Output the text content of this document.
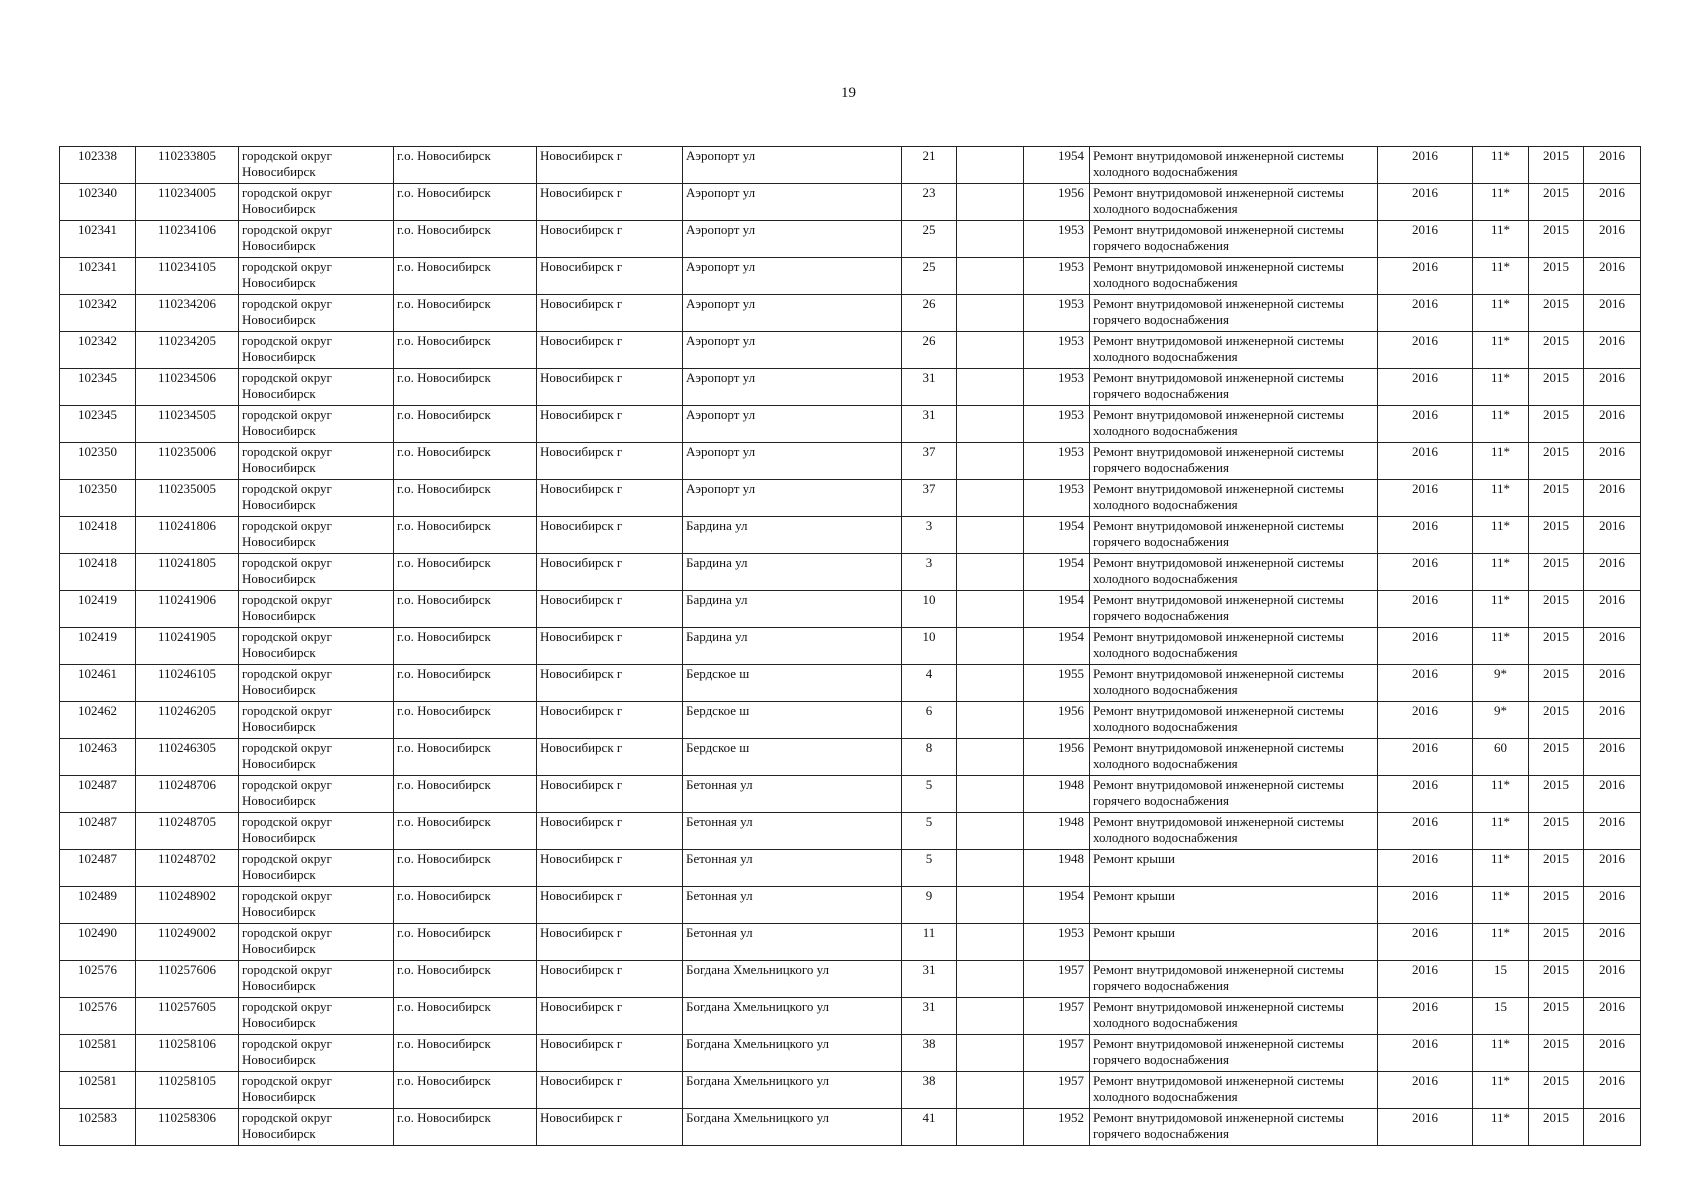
19
102338	110233805	городской округ Новосибирск	г.о. Новосибирск	Новосибирск г	Аэропорт ул	21		1954	Ремонт внутридомовой инженерной системы холодного водоснабжения	2016	11*	2015	2016
102340	110234005	городской округ Новосибирск	г.о. Новосибирск	Новосибирск г	Аэропорт ул	23		1956	Ремонт внутридомовой инженерной системы холодного водоснабжения	2016	11*	2015	2016
102341	110234106	городской округ Новосибирск	г.о. Новосибирск	Новосибирск г	Аэропорт ул	25		1953	Ремонт внутридомовой инженерной системы горячего водоснабжения	2016	11*	2015	2016
102341	110234105	городской округ Новосибирск	г.о. Новосибирск	Новосибирск г	Аэропорт ул	25		1953	Ремонт внутридомовой инженерной системы холодного водоснабжения	2016	11*	2015	2016
102342	110234206	городской округ Новосибирск	г.о. Новосибирск	Новосибирск г	Аэропорт ул	26		1953	Ремонт внутридомовой инженерной системы горячего водоснабжения	2016	11*	2015	2016
102342	110234205	городской округ Новосибирск	г.о. Новосибирск	Новосибирск г	Аэропорт ул	26		1953	Ремонт внутридомовой инженерной системы холодного водоснабжения	2016	11*	2015	2016
102345	110234506	городской округ Новосибирск	г.о. Новосибирск	Новосибирск г	Аэропорт ул	31		1953	Ремонт внутридомовой инженерной системы горячего водоснабжения	2016	11*	2015	2016
102345	110234505	городской округ Новосибирск	г.о. Новосибирск	Новосибирск г	Аэропорт ул	31		1953	Ремонт внутридомовой инженерной системы холодного водоснабжения	2016	11*	2015	2016
102350	110235006	городской округ Новосибирск	г.о. Новосибирск	Новосибирск г	Аэропорт ул	37		1953	Ремонт внутридомовой инженерной системы горячего водоснабжения	2016	11*	2015	2016
102350	110235005	городской округ Новосибирск	г.о. Новосибирск	Новосибирск г	Аэропорт ул	37		1953	Ремонт внутридомовой инженерной системы холодного водоснабжения	2016	11*	2015	2016
102418	110241806	городской округ Новосибирск	г.о. Новосибирск	Новосибирск г	Бардина ул	3		1954	Ремонт внутридомовой инженерной системы горячего водоснабжения	2016	11*	2015	2016
102418	110241805	городской округ Новосибирск	г.о. Новосибирск	Новосибирск г	Бардина ул	3		1954	Ремонт внутридомовой инженерной системы холодного водоснабжения	2016	11*	2015	2016
102419	110241906	городской округ Новосибирск	г.о. Новосибирск	Новосибирск г	Бардина ул	10		1954	Ремонт внутридомовой инженерной системы горячего водоснабжения	2016	11*	2015	2016
102419	110241905	городской округ Новосибирск	г.о. Новосибирск	Новосибирск г	Бардина ул	10		1954	Ремонт внутридомовой инженерной системы холодного водоснабжения	2016	11*	2015	2016
102461	110246105	городской округ Новосибирск	г.о. Новосибирск	Новосибирск г	Бердское ш	4		1955	Ремонт внутридомовой инженерной системы холодного водоснабжения	2016	9*	2015	2016
102462	110246205	городской округ Новосибирск	г.о. Новосибирск	Новосибирск г	Бердское ш	6		1956	Ремонт внутридомовой инженерной системы холодного водоснабжения	2016	9*	2015	2016
102463	110246305	городской округ Новосибирск	г.о. Новосибирск	Новосибирск г	Бердское ш	8		1956	Ремонт внутридомовой инженерной системы холодного водоснабжения	2016	60	2015	2016
102487	110248706	городской округ Новосибирск	г.о. Новосибирск	Новосибирск г	Бетонная ул	5		1948	Ремонт внутридомовой инженерной системы горячего водоснабжения	2016	11*	2015	2016
102487	110248705	городской округ Новосибирск	г.о. Новосибирск	Новосибирск г	Бетонная ул	5		1948	Ремонт внутридомовой инженерной системы холодного водоснабжения	2016	11*	2015	2016
102487	110248702	городской округ Новосибирск	г.о. Новосибирск	Новосибирск г	Бетонная ул	5		1948	Ремонт крыши	2016	11*	2015	2016
102489	110248902	городской округ Новосибирск	г.о. Новосибирск	Новосибирск г	Бетонная ул	9		1954	Ремонт крыши	2016	11*	2015	2016
102490	110249002	городской округ Новосибирск	г.о. Новосибирск	Новосибирск г	Бетонная ул	11		1953	Ремонт крыши	2016	11*	2015	2016
102576	110257606	городской округ Новосибирск	г.о. Новосибирск	Новосибирск г	Богдана Хмельницкого ул	31		1957	Ремонт внутридомовой инженерной системы горячего водоснабжения	2016	15	2015	2016
102576	110257605	городской округ Новосибирск	г.о. Новосибирск	Новосибирск г	Богдана Хмельницкого ул	31		1957	Ремонт внутридомовой инженерной системы холодного водоснабжения	2016	15	2015	2016
102581	110258106	городской округ Новосибирск	г.о. Новосибирск	Новосибирск г	Богдана Хмельницкого ул	38		1957	Ремонт внутридомовой инженерной системы горячего водоснабжения	2016	11*	2015	2016
102581	110258105	городской округ Новосибирск	г.о. Новосибирск	Новосибирск г	Богдана Хмельницкого ул	38		1957	Ремонт внутридомовой инженерной системы холодного водоснабжения	2016	11*	2015	2016
102583	110258306	городской округ Новосибирск	г.о. Новосибирск	Новосибирск г	Богдана Хмельницкого ул	41		1952	Ремонт внутридомовой инженерной системы горячего водоснабжения	2016	11*	2015	2016
